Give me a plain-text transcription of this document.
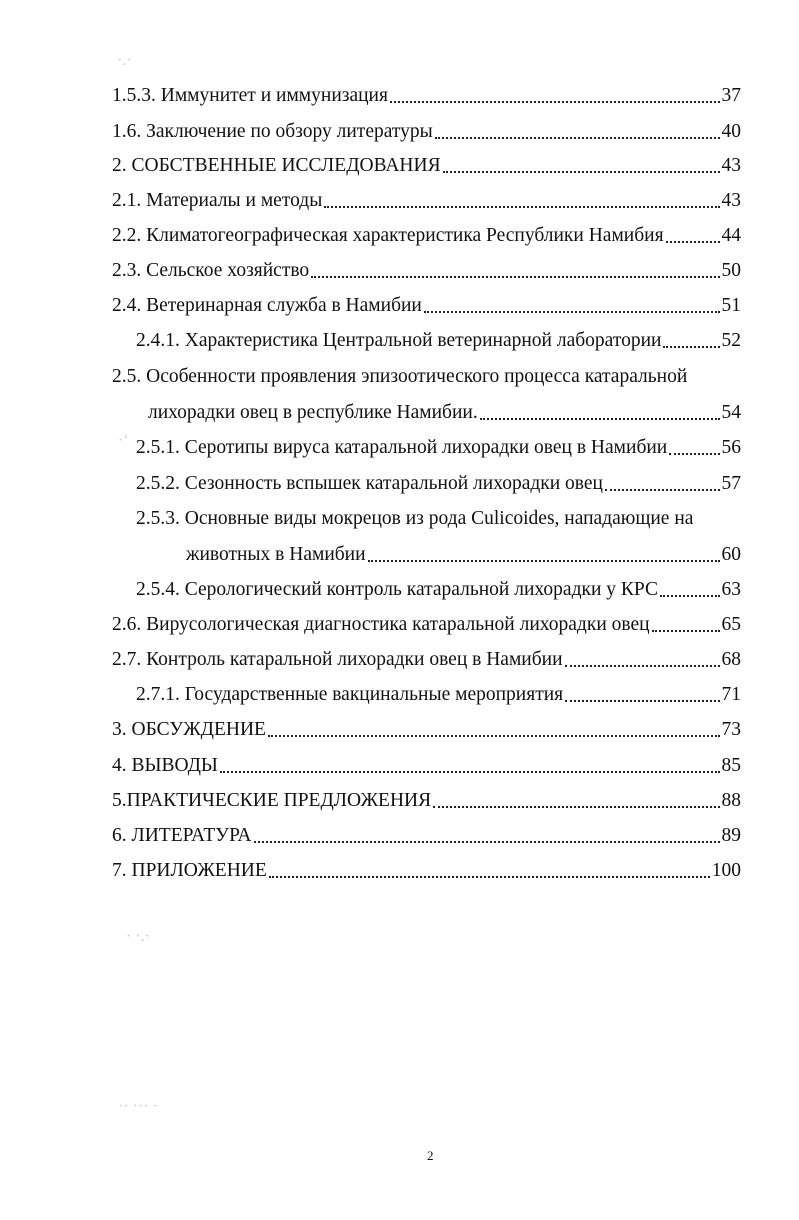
1.5.3. Иммунитет и иммунизация	37
1.6. Заключение по обзору литературы	40
2. СОБСТВЕННЫЕ ИССЛЕДОВАНИЯ	43
2.1. Материалы и методы	43
2.2. Климатогеографическая характеристика Республики Намибия	44
2.3. Сельское хозяйство	50
2.4. Ветеринарная служба в Намибии	51
2.4.1. Характеристика Центральной ветеринарной лаборатории	52
2.5. Особенности проявления эпизоотического процесса катаральной
лихорадки овец в республике Намибии.	54
2.5.1. Серотипы вируса катаральной лихорадки овец в Намибии	56
2.5.2. Сезонность вспышек катаральной лихорадки овец	57
2.5.3. Основные виды мокрецов из рода Culicoides, нападающие на
животных в Намибии	60
2.5.4. Серологический контроль катаральной лихорадки у КРС	63
2.6. Вирусологическая диагностика катаральной лихорадки овец	65
2.7. Контроль катаральной лихорадки овец в Намибии	68
2.7.1. Государственные вакцинальные мероприятия	71
3. ОБСУЖДЕНИЕ	73
4. ВЫВОДЫ	85
5.ПРАКТИЧЕСКИЕ ПРЕДЛОЖЕНИЯ	88
6. ЛИТЕРАТУРА	89
7. ПРИЛОЖЕНИЕ	100
·.·
·‘
· ·.·
·· ··· ·
2
